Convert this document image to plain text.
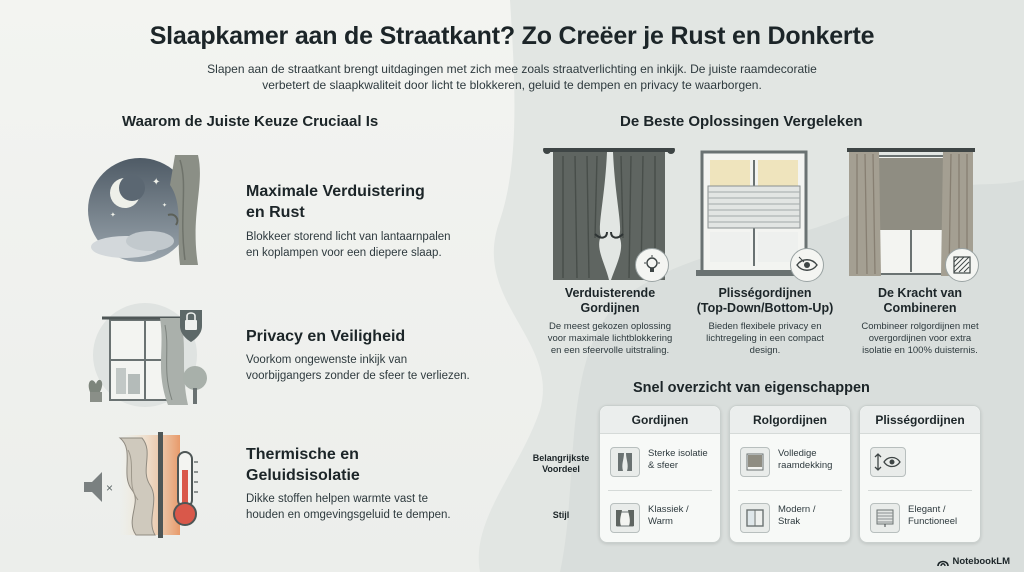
Slaapkamer aan de Straatkant? Zo Creëer je Rust en Donkerte
Slapen aan de straatkant brengt uitdagingen met zich mee zoals straatverlichting en inkijk. De juiste raamdecoratie
verbetert de slaapkwaliteit door licht te blokkeren, geluid te dempen en privacy te waarborgen.
Waarom de Juiste Keuze Cruciaal Is	De Beste Oplossingen Vergeleken
✦
✦
✦
Maximale Verduistering
en Rust
Blokkeer storend licht van lantaarnpalen
en koplampen voor een diepere slaap.
Privacy en Veiligheid
Voorkom ongewenste inkijk van
voorbijgangers zonder de sfeer te verliezen.
×
Thermische en
Geluidsisolatie
Dikke stoffen helpen warmte vast te
houden en omgevingsgeluid te dempen.
Verduisterende
Gordijnen
De meest gekozen oplossing
voor maximale lichtblokkering
en een sfeervolle uitstraling.
Plisségordijnen
(Top-Down/Bottom-Up)
Bieden flexibele privacy en
lichtregeling in een compact
design.
De Kracht van
Combineren
Combineer rolgordijnen met
overgordijnen voor extra
isolatie en 100% duisternis.
Snel overzicht van eigenschappen
Belangrijkste
Voordeel
Stijl
Gordijnen
Sterke isolatie
& sfeer
Klassiek /
Warm
Rolgordijnen
Volledige
raamdekking
Modern /
Strak
Plisségordijnen
Elegant /
Functioneel
NotebookLM
